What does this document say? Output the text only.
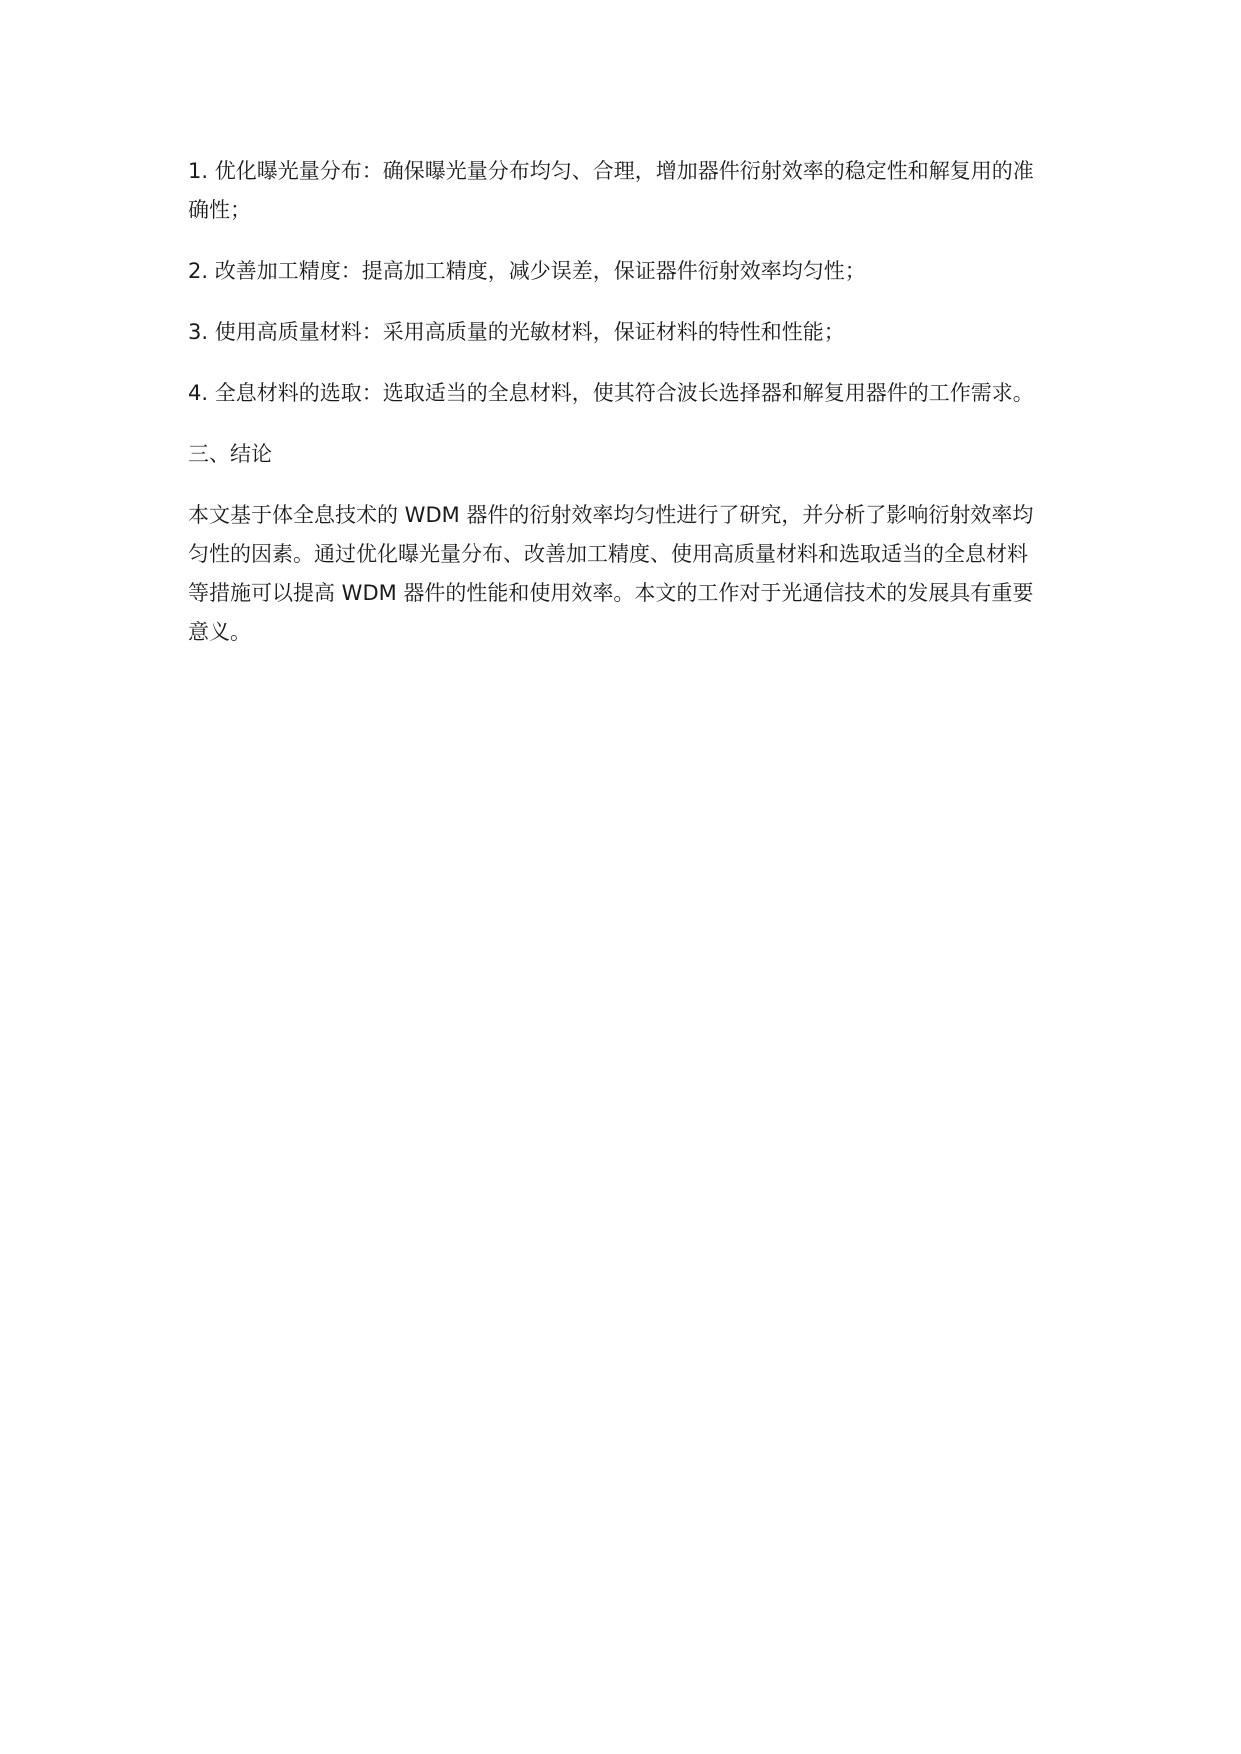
1. 优化曝光量分布：确保曝光量分布均匀、合理，增加器件衍射效率的稳定性和解复用的准确性；

2. 改善加工精度：提高加工精度，减少误差，保证器件衍射效率均匀性；

3. 使用高质量材料：采用高质量的光敏材料，保证材料的特性和性能；

4. 全息材料的选取：选取适当的全息材料，使其符合波长选择器和解复用器件的工作需求。

三、结论

本文基于体全息技术的 WDM 器件的衍射效率均匀性进行了研究，并分析了影响衍射效率均匀性的因素。通过优化曝光量分布、改善加工精度、使用高质量材料和选取适当的全息材料等措施可以提高 WDM 器件的性能和使用效率。本文的工作对于光通信技术的发展具有重要意义。
